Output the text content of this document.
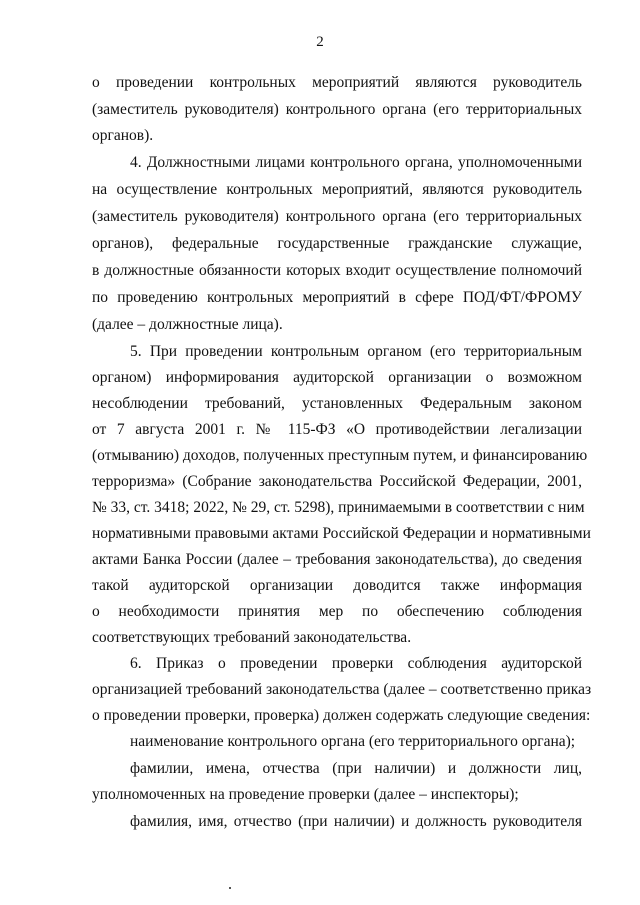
2
о проведении контрольных мероприятий являются руководитель
(заместитель руководителя) контрольного органа (его территориальных
органов).
4. Должностными лицами контрольного органа, уполномоченными
на осуществление контрольных мероприятий, являются руководитель
(заместитель руководителя) контрольного органа (его территориальных
органов), федеральные государственные гражданские служащие,
в должностные обязанности которых входит осуществление полномочий
по проведению контрольных мероприятий в сфере ПОД/ФТ/ФРОМУ
(далее – должностные лица).
5. При проведении контрольным органом (его территориальным
органом) информирования аудиторской организации о возможном
несоблюдении требований, установленных Федеральным законом
от 7 августа 2001 г. № 115-ФЗ «О противодействии легализации
(отмыванию) доходов, полученных преступным путем, и финансированию
терроризма» (Собрание законодательства Российской Федерации, 2001,
№ 33, ст. 3418; 2022, № 29, ст. 5298), принимаемыми в соответствии с ним
нормативными правовыми актами Российской Федерации и нормативными
актами Банка России (далее – требования законодательства), до сведения
такой аудиторской организации доводится также информация
о необходимости принятия мер по обеспечению соблюдения
соответствующих требований законодательства.
6. Приказ о проведении проверки соблюдения аудиторской
организацией требований законодательства (далее – соответственно приказ
о проведении проверки, проверка) должен содержать следующие сведения:
наименование контрольного органа (его территориального органа);
фамилии, имена, отчества (при наличии) и должности лиц,
уполномоченных на проведение проверки (далее – инспекторы);
фамилия, имя, отчество (при наличии) и должность руководителя
